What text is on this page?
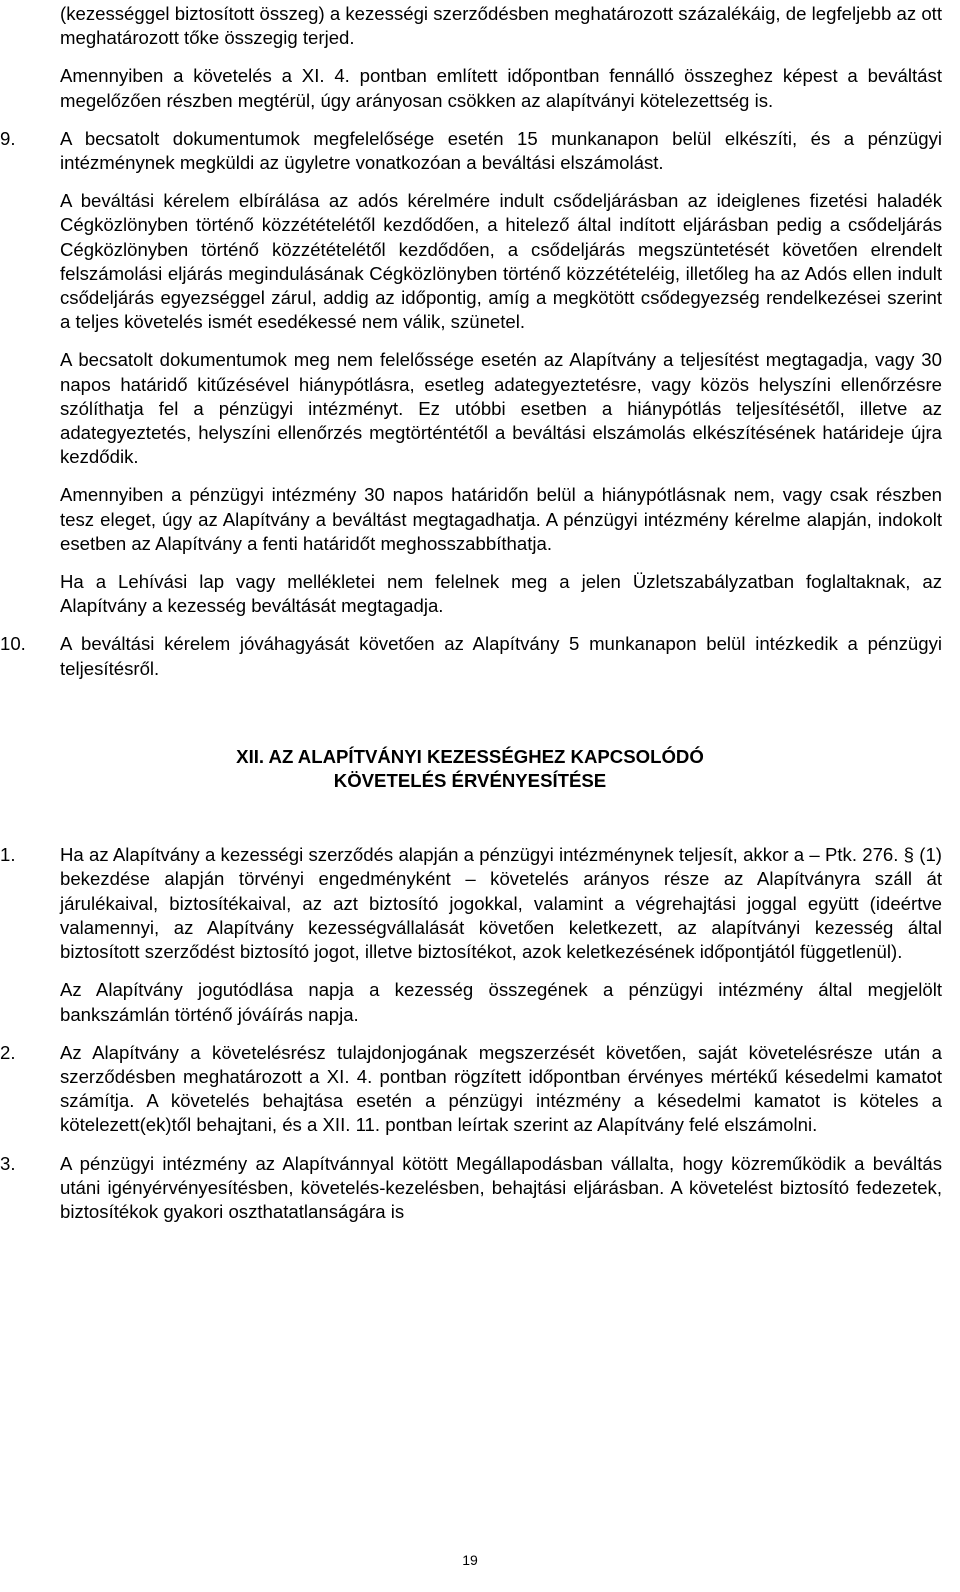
(kezességgel biztosított összeg) a kezességi szerződésben meghatározott százalékáig, de legfeljebb az ott meghatározott tőke összegig terjed.

Amennyiben a követelés a XI. 4. pontban említett időpontban fennálló összeghez képest a beváltást megelőzően részben megtérül, úgy arányosan csökken az alapítványi kötelezettség is.

9.	A becsatolt dokumentumok megfelelősége esetén 15 munkanapon belül elkészíti, és a pénzügyi intézménynek megküldi az ügyletre vonatkozóan a beváltási elszámolást.

A beváltási kérelem elbírálása az adós kérelmére indult csődeljárásban az ideiglenes fizetési haladék Cégközlönyben történő közzétételétől kezdődően, a hitelező által indított eljárásban pedig a csődeljárás Cégközlönyben történő közzétételétől kezdődően, a csődeljárás megszüntetését követően elrendelt felszámolási eljárás megindulásának Cégközlönyben történő közzétételéig, illetőleg ha az Adós ellen indult csődeljárás egyezséggel zárul, addig az időpontig, amíg a megkötött csődegyezség rendelkezései szerint a teljes követelés ismét esedékessé nem válik, szünetel.

A becsatolt dokumentumok meg nem felelőssége esetén az Alapítvány a teljesítést megtagadja, vagy 30 napos határidő kitűzésével hiánypótlásra, esetleg adategyeztetésre, vagy közös helyszíni ellenőrzésre szólíthatja fel a pénzügyi intézményt. Ez utóbbi esetben a hiánypótlás teljesítésétől, illetve az adategyeztetés, helyszíni ellenőrzés megtörténtétől a beváltási elszámolás elkészítésének határideje újra kezdődik.

Amennyiben a pénzügyi intézmény 30 napos határidőn belül a hiánypótlásnak nem, vagy csak részben tesz eleget, úgy az Alapítvány a beváltást megtagadhatja. A pénzügyi intézmény kérelme alapján, indokolt esetben az Alapítvány a fenti határidőt meghosszabbíthatja.

Ha a Lehívási lap vagy mellékletei nem felelnek meg a jelen Üzletszabályzatban foglaltaknak, az Alapítvány a kezesség beváltását megtagadja.

10.	A beváltási kérelem jóváhagyását követően az Alapítvány 5 munkanapon belül intézkedik a pénzügyi teljesítésről.

XII. AZ ALAPÍTVÁNYI KEZESSÉGHEZ KAPCSOLÓDÓ

KÖVETELÉS ÉRVÉNYESÍTÉSE

1.	Ha az Alapítvány a kezességi szerződés alapján a pénzügyi intézménynek teljesít, akkor a – Ptk. 276. § (1) bekezdése alapján törvényi engedményként – követelés arányos része az Alapítványra száll át járulékaival, biztosítékaival, az azt biztosító jogokkal, valamint a végrehajtási joggal együtt (ideértve valamennyi, az Alapítvány kezességvállalását követően keletkezett, az alapítványi kezesség által biztosított szerződést biztosító jogot, illetve biztosítékot, azok keletkezésének időpontjától függetlenül).

Az Alapítvány jogutódlása napja a kezesség összegének a pénzügyi intézmény által megjelölt bankszámlán történő jóváírás napja.

2.	Az Alapítvány a követelésrész tulajdonjogának megszerzését követően, saját követelésrésze után a szerződésben meghatározott a XI. 4. pontban rögzített időpontban érvényes mértékű késedelmi kamatot számítja. A követelés behajtása esetén a pénzügyi intézmény a késedelmi kamatot is köteles a kötelezett(ek)től behajtani, és a XII. 11. pontban leírtak szerint az Alapítvány felé elszámolni.

3.	A pénzügyi intézmény az Alapítvánnyal kötött Megállapodásban vállalta, hogy közreműködik a beváltás utáni igényérvényesítésben, követelés-kezelésben, behajtási eljárásban. A követelést biztosító fedezetek, biztosítékok gyakori oszthatatlanságára is

19
